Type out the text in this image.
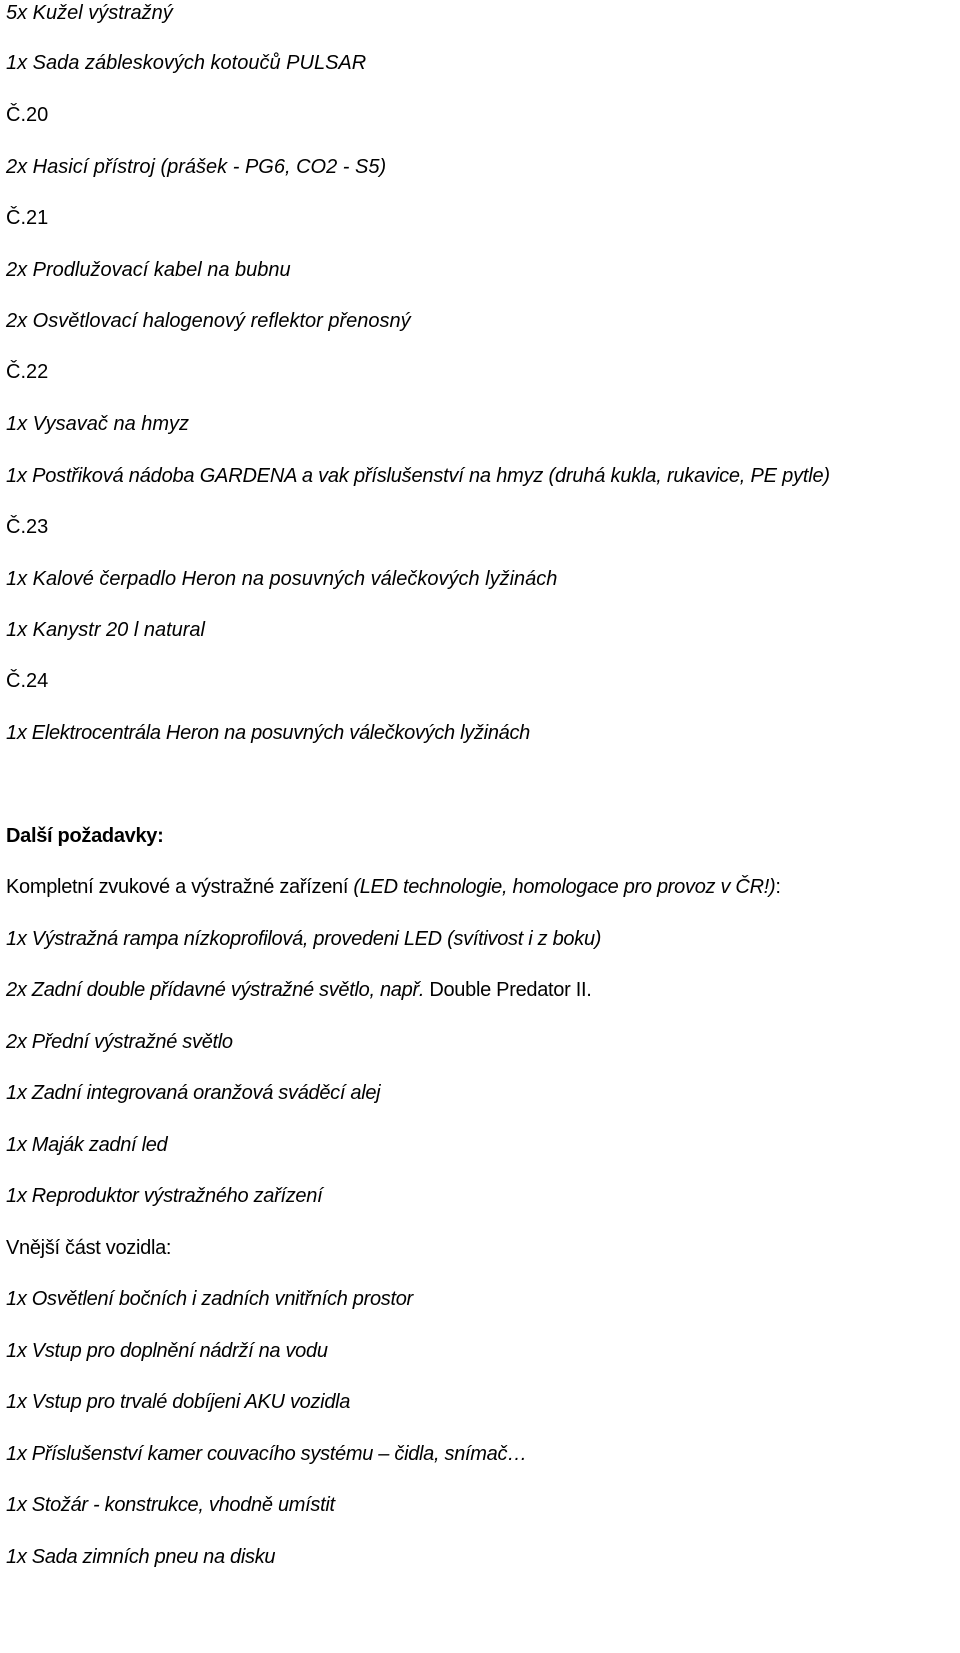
5x Kužel výstražný
1x Sada zábleskových kotoučů PULSAR
Č.20
2x Hasicí přístroj (prášek - PG6, CO2 - S5)
Č.21
2x Prodlužovací kabel na bubnu
2x Osvětlovací halogenový reflektor přenosný
Č.22
1x Vysavač na hmyz
1x Postřiková nádoba GARDENA a vak příslušenství na hmyz (druhá kukla, rukavice, PE pytle)
Č.23
1x Kalové čerpadlo Heron na posuvných válečkových lyžinách
1x Kanystr 20 l natural
Č.24
1x Elektrocentrála Heron na posuvných válečkových lyžinách
Další požadavky:
Kompletní zvukové a výstražné zařízení (LED technologie, homologace pro provoz v ČR!):
1x Výstražná rampa nízkoprofilová, provedeni LED (svítivost i z boku)
2x Zadní double přídavné výstražné světlo, např. Double Predator II.
2x Přední výstražné světlo
1x Zadní integrovaná oranžová sváděcí alej
1x Maják zadní led
1x Reproduktor výstražného zařízení
Vnější část vozidla:
1x Osvětlení bočních i zadních vnitřních prostor
1x Vstup pro doplnění nádrží na vodu
1x Vstup pro trvalé dobíjeni AKU vozidla
1x Příslušenství kamer couvacího systému – čidla, snímač…
1x Stožár - konstrukce, vhodně umístit
1x Sada zimních pneu na disku
